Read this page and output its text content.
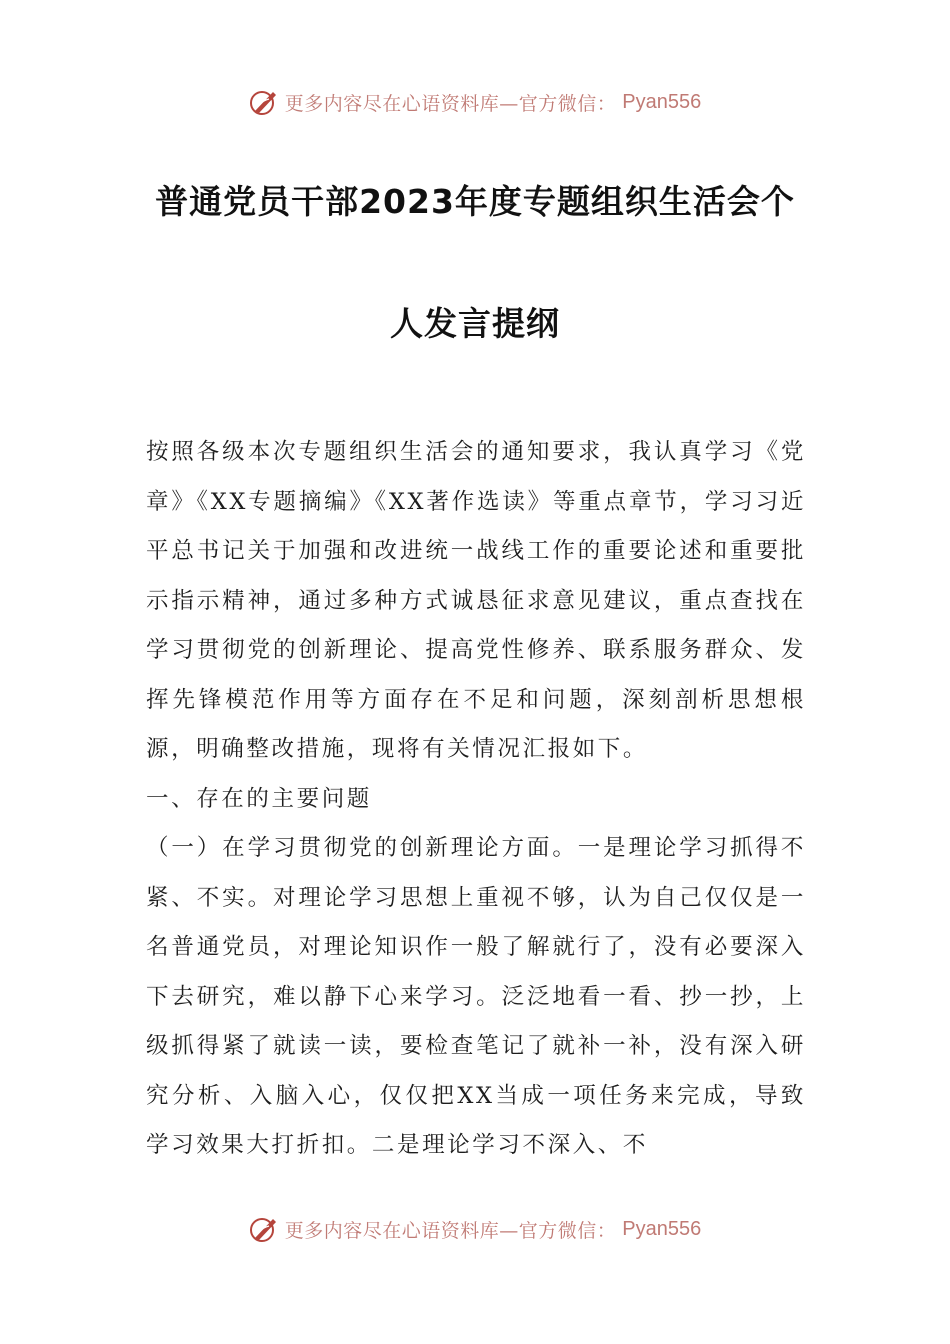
更多内容尽在心语资料库—官方微信： Pyan556
普通党员干部2023年度专题组织生活会个
人发言提纲

按照各级本次专题组织生活会的通知要求，我认真学习《党章》《XX专题摘编》《XX著作选读》等重点章节，学习习近平总书记关于加强和改进统一战线工作的重要论述和重要批示指示精神，通过多种方式诚恳征求意见建议，重点查找在学习贯彻党的创新理论、提高党性修养、联系服务群众、发挥先锋模范作用等方面存在不足和问题，深刻剖析思想根源，明确整改措施，现将有关情况汇报如下。

一、存在的主要问题

（一）在学习贯彻党的创新理论方面。一是理论学习抓得不紧、不实。对理论学习思想上重视不够，认为自己仅仅是一名普通党员，对理论知识作一般了解就行了，没有必要深入下去研究，难以静下心来学习。泛泛地看一看、抄一抄，上级抓得紧了就读一读，要检查笔记了就补一补，没有深入研究分析、入脑入心，仅仅把XX当成一项任务来完成，导致学习效果大打折扣。二是理论学习不深入、不

更多内容尽在心语资料库—官方微信： Pyan556
